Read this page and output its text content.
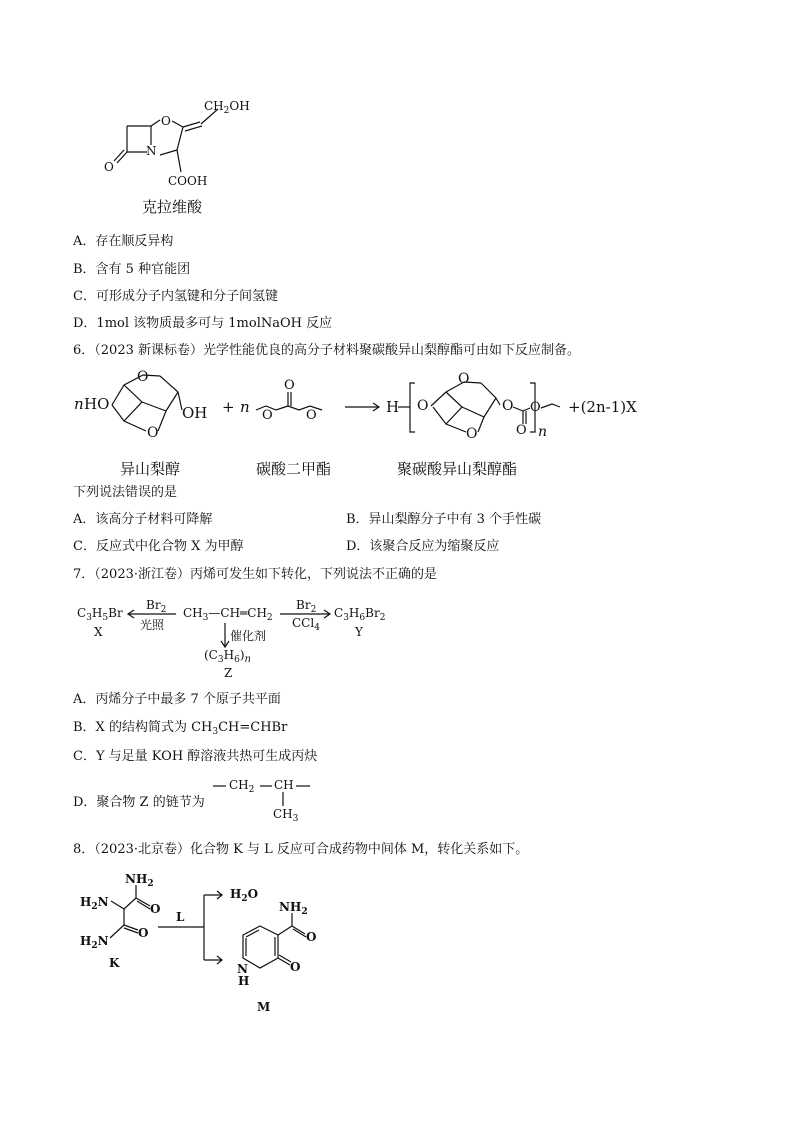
$CH_2OH$
O
N
O
COOH
克拉维酸
A．存在顺反异构
B．含有 5 种官能团
C．可形成分子内氢键和分子间氢键
D．1mol 该物质最多可与 1molNaOH 反应
6．（2023 新课标卷）光学性能优良的高分子材料聚碳酸异山梨醇酯可由如下反应制备。
n HO	OH
O
O
+ n
O
O	O	H O
O
O
O
O
O
n
+(2n-1)X
异山梨醇	碳酸二甲酯	聚碳酸异山梨醇酯
下列说法错误的是
A．该高分子材料可降解	B．异山梨醇分子中有 3 个手性碳
C．反应式中化合物 X 为甲醇	D．该聚合反应为缩聚反应
7．（2023·浙江卷）丙烯可发生如下转化，下列说法不正确的是
$C_3H_5Br$
X
$Br_2$
光照
$CH_3—CH═CH_2$
$Br_2$
CCl$_4$
$C_3H_6Br_2$
Y
催化剂
$(C_3H_6)_n$
Z
A．丙烯分子中最多 7 个原子共平面
B．X 的结构简式为 $CH_3CH=CHBr$
C．Y 与足量 KOH 醇溶液共热可生成丙炔
D．聚合物 Z 的链节为
$CH_2$ CH
$CH_3$
8．（2023·北京卷）化合物 K 与 L 反应可合成药物中间体 M，转化关系如下。
$NH_2$
$H_2N$
$H_2N$
O
O
K
L
$H_2O$
$NH_2$
O
O
N
H
M
